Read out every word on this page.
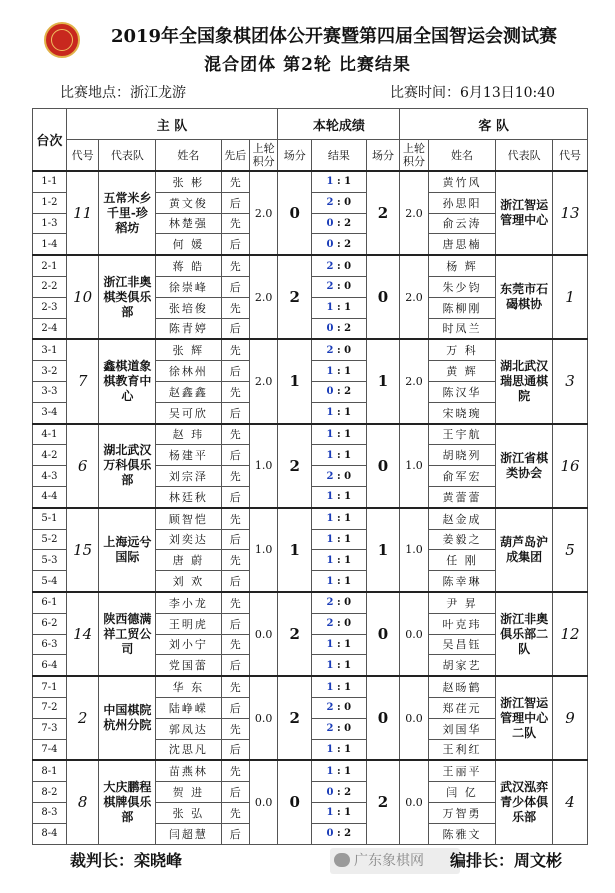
2019年全国象棋团体公开赛暨第四届全国智运会测试赛
混合团体 第2轮 比赛结果
比赛地点：浙江龙游	比赛时间：6月13日10:40
台次	主 队					本轮成绩			客 队			
	代号	代表队	姓名	先后	上轮积分	场分	结果	场分	上轮积分	姓名	代表队	代号
1-1	11	五常米乡千里-珍稻坊	张 彬	先	2.0	0	1 : 1	2	2.0	黄竹风	浙江智运管理中心	13
1-2			黄文俊	后			2 : 0			孙思阳		
1-3			林楚强	先			0 : 2			俞云涛		
1-4			何 媛	后			0 : 2			唐思楠		
2-1	10	浙江非奥棋类俱乐部	蒋 皓	先	2.0	2	2 : 0	0	2.0	杨 辉	东莞市石碣棋协	1
2-2			徐崇峰	后			2 : 0			朱少钧		
2-3			张培俊	先			1 : 1			陈柳刚		
2-4			陈青婷	后			0 : 2			时凤兰		
3-1	7	鑫棋道象棋教育中心	张 辉	先	2.0	1	2 : 0	1	2.0	万 科	湖北武汉瑞思通棋院	3
3-2			徐林州	后			1 : 1			黄 辉		
3-3			赵鑫鑫	先			0 : 2			陈汉华		
3-4			吴可欣	后			1 : 1			宋晓琬		
4-1	6	湖北武汉万科俱乐部	赵 玮	先	1.0	2	1 : 1	0	1.0	王宇航	浙江省棋类协会	16
4-2			杨建平	后			1 : 1			胡晓列		
4-3			刘宗泽	先			2 : 0			俞军宏		
4-4			林廷秋	后			1 : 1			黄蕾蕾		
5-1	15	上海远兮国际	顾智恺	先	1.0	1	1 : 1	1	1.0	赵金成	葫芦岛沪成集团	5
5-2			刘奕达	后			1 : 1			姜毅之		
5-3			唐 蔚	先			1 : 1			任 刚		
5-4			刘 欢	后			1 : 1			陈幸琳		
6-1	14	陕西德满祥工贸公司	李小龙	先	0.0	2	2 : 0	0	0.0	尹 昇	浙江非奥俱乐部二队	12
6-2			王明虎	后			2 : 0			叶克玮		
6-3			刘小宁	先			1 : 1			吴昌钰		
6-4			党国蕾	后			1 : 1			胡家艺		
7-1	2	中国棋院杭州分院	华 东	先	0.0	2	1 : 1	0	0.0	赵旸鹤	浙江智运管理中心二队	9
7-2			陆峥嵘	后			2 : 0			郑荏元		
7-3			郭凤达	先			2 : 0			刘国华		
7-4			沈思凡	后			1 : 1			王利红		
8-1	8	大庆鹏程棋牌俱乐部	苗燕林	先	0.0	0	1 : 1	2	0.0	王丽平	武汉泓弈青少体俱乐部	4
8-2			贺 进	后			0 : 2			闫 亿		
8-3			张 弘	先			1 : 1			万智勇		
8-4			闫超慧	后			0 : 2			陈雅文		
裁判长：栾晓峰	广东象棋网	编排长：周文彬
